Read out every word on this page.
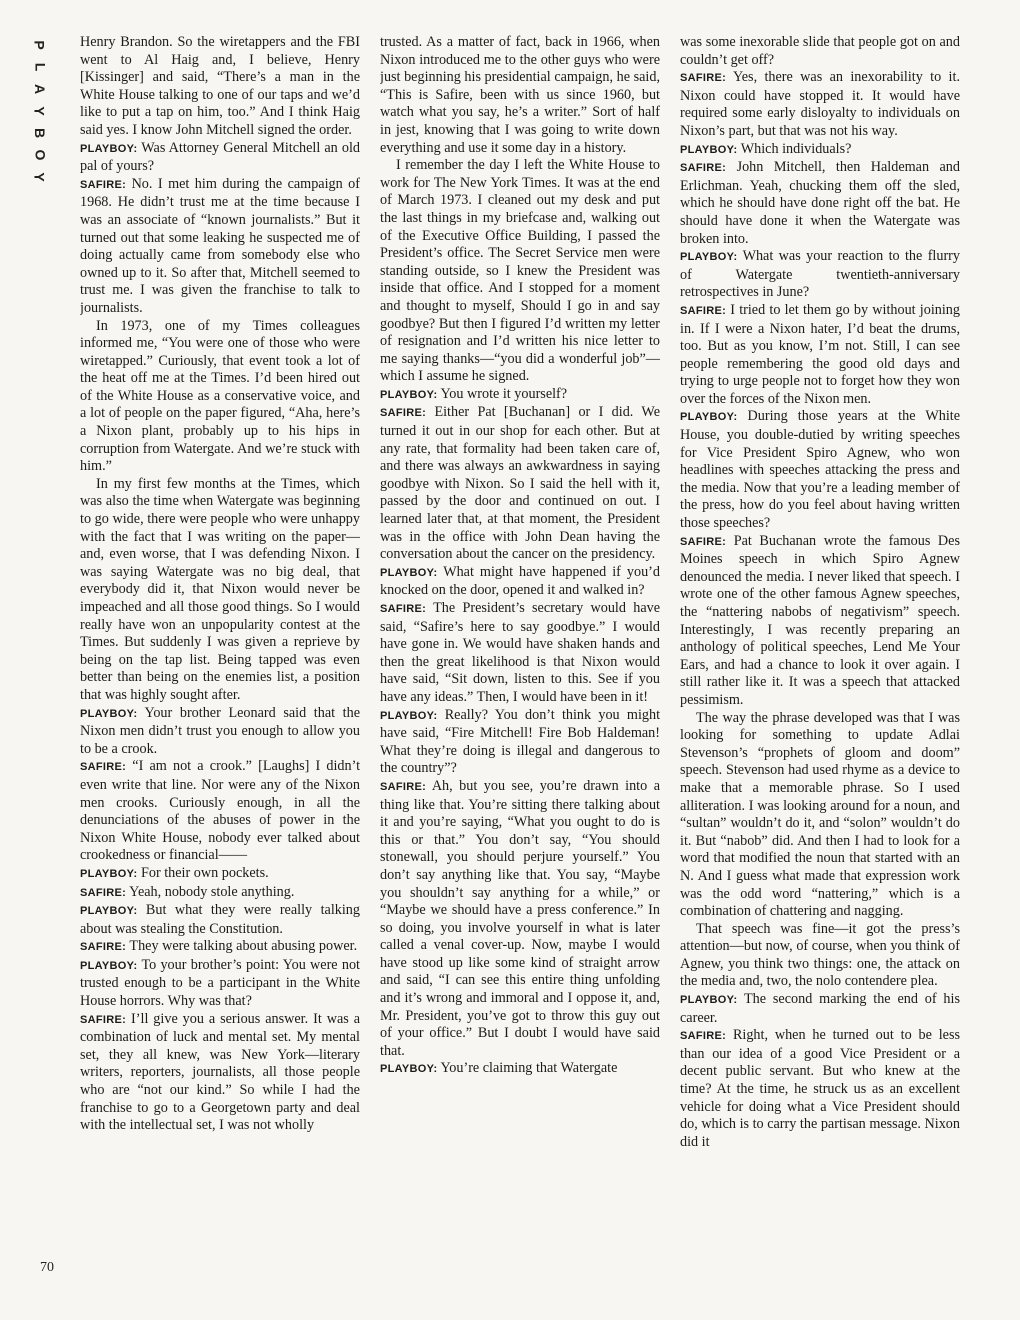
P
L
A
Y
B
O
Y
70

Henry Brandon. So the wiretappers and the FBI went to Al Haig and, I believe, Henry [Kissinger] and said, “There’s a man in the White House talking to one of our taps and we’d like to put a tap on him, too.” And I think Haig said yes. I know John Mitchell signed the order.

PLAYBOY: Was Attorney General Mitchell an old pal of yours?

SAFIRE: No. I met him during the campaign of 1968. He didn’t trust me at the time because I was an associate of “known journalists.” But it turned out that some leaking he suspected me of doing actually came from somebody else who owned up to it. So after that, Mitchell seemed to trust me. I was given the franchise to talk to journalists.

In 1973, one of my Times colleagues informed me, “You were one of those who were wiretapped.” Curiously, that event took a lot of the heat off me at the Times. I’d been hired out of the White House as a conservative voice, and a lot of people on the paper figured, “Aha, here’s a Nixon plant, probably up to his hips in corruption from Watergate. And we’re stuck with him.”

In my first few months at the Times, which was also the time when Watergate was beginning to go wide, there were people who were unhappy with the fact that I was writing on the paper—and, even worse, that I was defending Nixon. I was saying Watergate was no big deal, that everybody did it, that Nixon would never be impeached and all those good things. So I would really have won an unpopularity contest at the Times. But suddenly I was given a reprieve by being on the tap list. Being tapped was even better than being on the enemies list, a position that was highly sought after.

PLAYBOY: Your brother Leonard said that the Nixon men didn’t trust you enough to allow you to be a crook.

SAFIRE: “I am not a crook.” [Laughs] I didn’t even write that line. Nor were any of the Nixon men crooks. Curiously enough, in all the denunciations of the abuses of power in the Nixon White House, nobody ever talked about crookedness or financial——

PLAYBOY: For their own pockets.

SAFIRE: Yeah, nobody stole anything.

PLAYBOY: But what they were really talking about was stealing the Constitution.

SAFIRE: They were talking about abusing power.

PLAYBOY: To your brother’s point: You were not trusted enough to be a participant in the White House horrors. Why was that?

SAFIRE: I’ll give you a serious answer. It was a combination of luck and mental set. My mental set, they all knew, was New York—literary writers, reporters, journalists, all those people who are “not our kind.” So while I had the franchise to go to a Georgetown party and deal with the intellectual set, I was not wholly

trusted. As a matter of fact, back in 1966, when Nixon introduced me to the other guys who were just beginning his presidential campaign, he said, “This is Safire, been with us since 1960, but watch what you say, he’s a writer.” Sort of half in jest, knowing that I was going to write down everything and use it some day in a history.

I remember the day I left the White House to work for The New York Times. It was at the end of March 1973. I cleaned out my desk and put the last things in my briefcase and, walking out of the Executive Office Building, I passed the President’s office. The Secret Service men were standing outside, so I knew the President was inside that office. And I stopped for a moment and thought to myself, Should I go in and say goodbye? But then I figured I’d written my letter of resignation and I’d written his nice letter to me saying thanks—“you did a wonderful job”—which I assume he signed.

PLAYBOY: You wrote it yourself?

SAFIRE: Either Pat [Buchanan] or I did. We turned it out in our shop for each other. But at any rate, that formality had been taken care of, and there was always an awkwardness in saying goodbye with Nixon. So I said the hell with it, passed by the door and continued on out. I learned later that, at that moment, the President was in the office with John Dean having the conversation about the cancer on the presidency.

PLAYBOY: What might have happened if you’d knocked on the door, opened it and walked in?

SAFIRE: The President’s secretary would have said, “Safire’s here to say goodbye.” I would have gone in. We would have shaken hands and then the great likelihood is that Nixon would have said, “Sit down, listen to this. See if you have any ideas.” Then, I would have been in it!

PLAYBOY: Really? You don’t think you might have said, “Fire Mitchell! Fire Bob Haldeman! What they’re doing is illegal and dangerous to the country”?

SAFIRE: Ah, but you see, you’re drawn into a thing like that. You’re sitting there talking about it and you’re saying, “What you ought to do is this or that.” You don’t say, “You should stonewall, you should perjure yourself.” You don’t say anything like that. You say, “Maybe you shouldn’t say anything for a while,” or “Maybe we should have a press conference.” In so doing, you involve yourself in what is later called a venal cover-up. Now, maybe I would have stood up like some kind of straight arrow and said, “I can see this entire thing unfolding and it’s wrong and immoral and I oppose it, and, Mr. President, you’ve got to throw this guy out of your office.” But I doubt I would have said that.

PLAYBOY: You’re claiming that Watergate

was some inexorable slide that people got on and couldn’t get off?

SAFIRE: Yes, there was an inexorability to it. Nixon could have stopped it. It would have required some early disloyalty to individuals on Nixon’s part, but that was not his way.

PLAYBOY: Which individuals?

SAFIRE: John Mitchell, then Haldeman and Erlichman. Yeah, chucking them off the sled, which he should have done right off the bat. He should have done it when the Watergate was broken into.

PLAYBOY: What was your reaction to the flurry of Watergate twentieth-anniversary retrospectives in June?

SAFIRE: I tried to let them go by without joining in. If I were a Nixon hater, I’d beat the drums, too. But as you know, I’m not. Still, I can see people remembering the good old days and trying to urge people not to forget how they won over the forces of the Nixon men.

PLAYBOY: During those years at the White House, you double-dutied by writing speeches for Vice President Spiro Agnew, who won headlines with speeches attacking the press and the media. Now that you’re a leading member of the press, how do you feel about having written those speeches?

SAFIRE: Pat Buchanan wrote the famous Des Moines speech in which Spiro Agnew denounced the media. I never liked that speech. I wrote one of the other famous Agnew speeches, the “nattering nabobs of negativism” speech. Interestingly, I was recently preparing an anthology of political speeches, Lend Me Your Ears, and had a chance to look it over again. I still rather like it. It was a speech that attacked pessimism.

The way the phrase developed was that I was looking for something to update Adlai Stevenson’s “prophets of gloom and doom” speech. Stevenson had used rhyme as a device to make that a memorable phrase. So I used alliteration. I was looking around for a noun, and “sultan” wouldn’t do it, and “solon” wouldn’t do it. But “nabob” did. And then I had to look for a word that modified the noun that started with an N. And I guess what made that expression work was the odd word “nattering,” which is a combination of chattering and nagging.

That speech was fine—it got the press’s attention—but now, of course, when you think of Agnew, you think two things: one, the attack on the media and, two, the nolo contendere plea.

PLAYBOY: The second marking the end of his career.

SAFIRE: Right, when he turned out to be less than our idea of a good Vice President or a decent public servant. But who knew at the time? At the time, he struck us as an excellent vehicle for doing what a Vice President should do, which is to carry the partisan message. Nixon did it
